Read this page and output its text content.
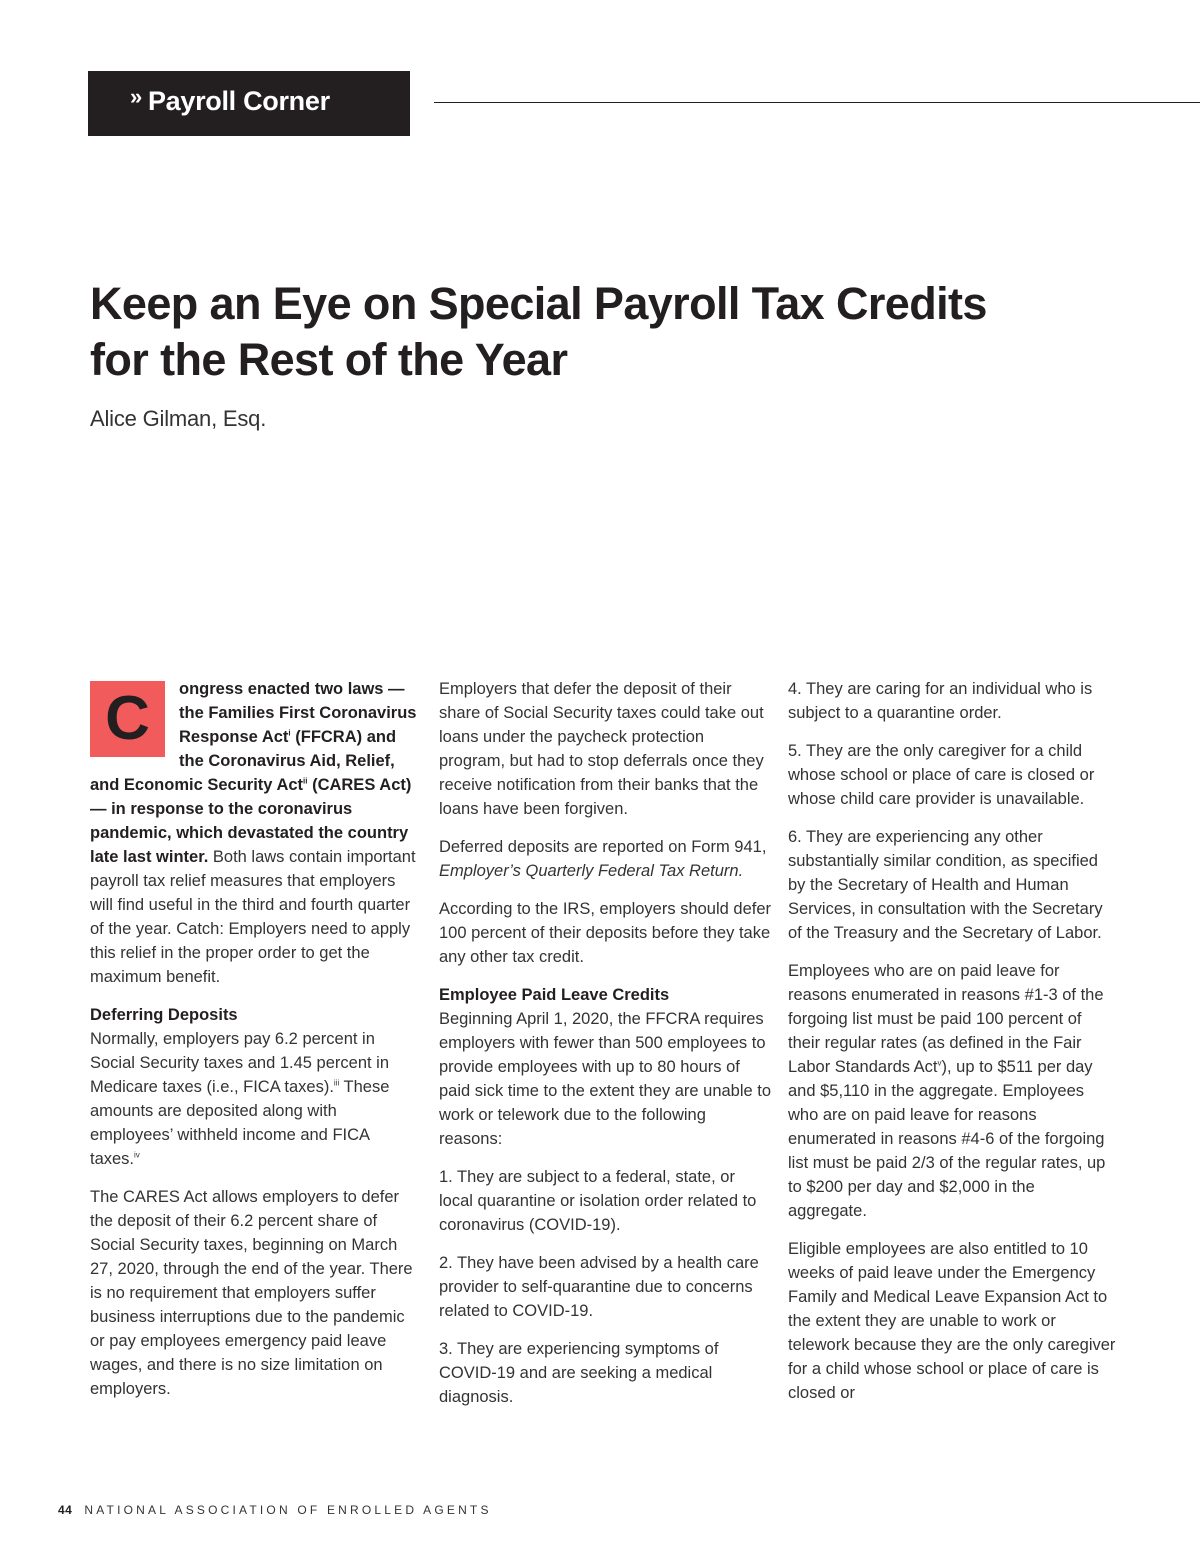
» Payroll Corner
Keep an Eye on Special Payroll Tax Credits
for the Rest of the Year

Alice Gilman, Esq.

C	ongress enacted two laws — the Families First Coronavirus Response Act$^i$ (FFCRA) and the Coronavirus Aid, Relief, and Economic Security Act$^{ii}$ (CARES Act) — in response to the coronavirus pandemic, which devastated the country late last winter. Both laws contain important payroll tax relief measures that employers will find useful in the third and fourth quarter of the year. Catch: Employers need to apply this relief in the proper order to get the maximum benefit.

Deferring Deposits
Normally, employers pay 6.2 percent in Social Security taxes and 1.45 percent in Medicare taxes (i.e., FICA taxes).$^{iii}$ These amounts are deposited along with employees’ withheld income and FICA taxes.$^{iv}$

The CARES Act allows employers to defer the deposit of their 6.2 percent share of Social Security taxes, beginning on March 27, 2020, through the end of the year. There is no requirement that employers suffer business interruptions due to the pandemic or pay employees emergency paid leave wages, and there is no size limitation on employers.

Employers that defer the deposit of their share of Social Security taxes could take out loans under the paycheck protection program, but had to stop deferrals once they receive notification from their banks that the loans have been forgiven.

Deferred deposits are reported on Form 941, Employer’s Quarterly Federal Tax Return.

According to the IRS, employers should defer 100 percent of their deposits before they take any other tax credit.

Employee Paid Leave Credits
Beginning April 1, 2020, the FFCRA requires employers with fewer than 500 employees to provide employees with up to 80 hours of paid sick time to the extent they are unable to work or telework due to the following reasons:

1. They are subject to a federal, state, or local quarantine or isolation order related to coronavirus (COVID-19).

2. They have been advised by a health care provider to self-quarantine due to concerns related to COVID-19.

3. They are experiencing symptoms of COVID-19 and are seeking a medical diagnosis.

4. They are caring for an individual who is subject to a quarantine order.

5. They are the only caregiver for a child whose school or place of care is closed or whose child care provider is unavailable.

6. They are experiencing any other substantially similar condition, as specified by the Secretary of Health and Human Services, in consultation with the Secretary of the Treasury and the Secretary of Labor.

Employees who are on paid leave for reasons enumerated in reasons #1-3 of the forgoing list must be paid 100 percent of their regular rates (as defined in the Fair Labor Standards Act$^v$), up to $511 per day and $5,110 in the aggregate. Employees who are on paid leave for reasons enumerated in reasons #4-6 of the forgoing list must be paid 2/3 of the regular rates, up to $200 per day and $2,000 in the aggregate.

Eligible employees are also entitled to 10 weeks of paid leave under the Emergency Family and Medical Leave Expansion Act to the extent they are unable to work or telework because they are the only caregiver for a child whose school or place of care is closed or

44 NATIONAL ASSOCIATION OF ENROLLED AGENTS
